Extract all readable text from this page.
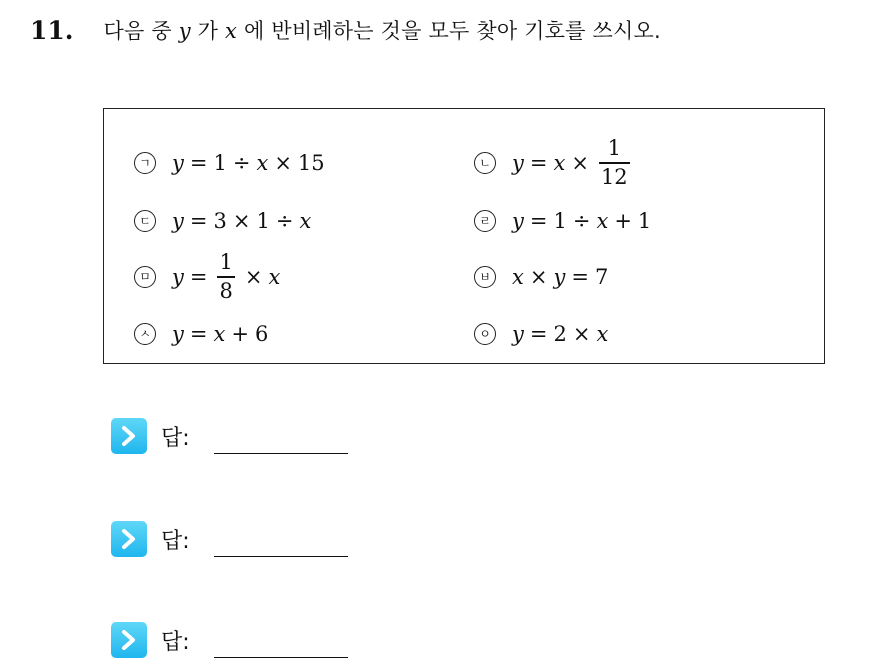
11. 다음 중 y 가 x 에 반비례하는 것을 모두 찾아 기호를 쓰시오.
ㄱ y = 1 ÷ x × 15	ㄴ $y = x \times \frac{1}{12}$
ㄷ y = 3 × 1 ÷ x	ㄹ y = 1 ÷ x + 1
ㅁ $y = \frac{1}{8} \times x$	ㅂ x × y = 7
ㅅ y = x + 6	ㅇ y = 2 × x
답:
답:
답:
